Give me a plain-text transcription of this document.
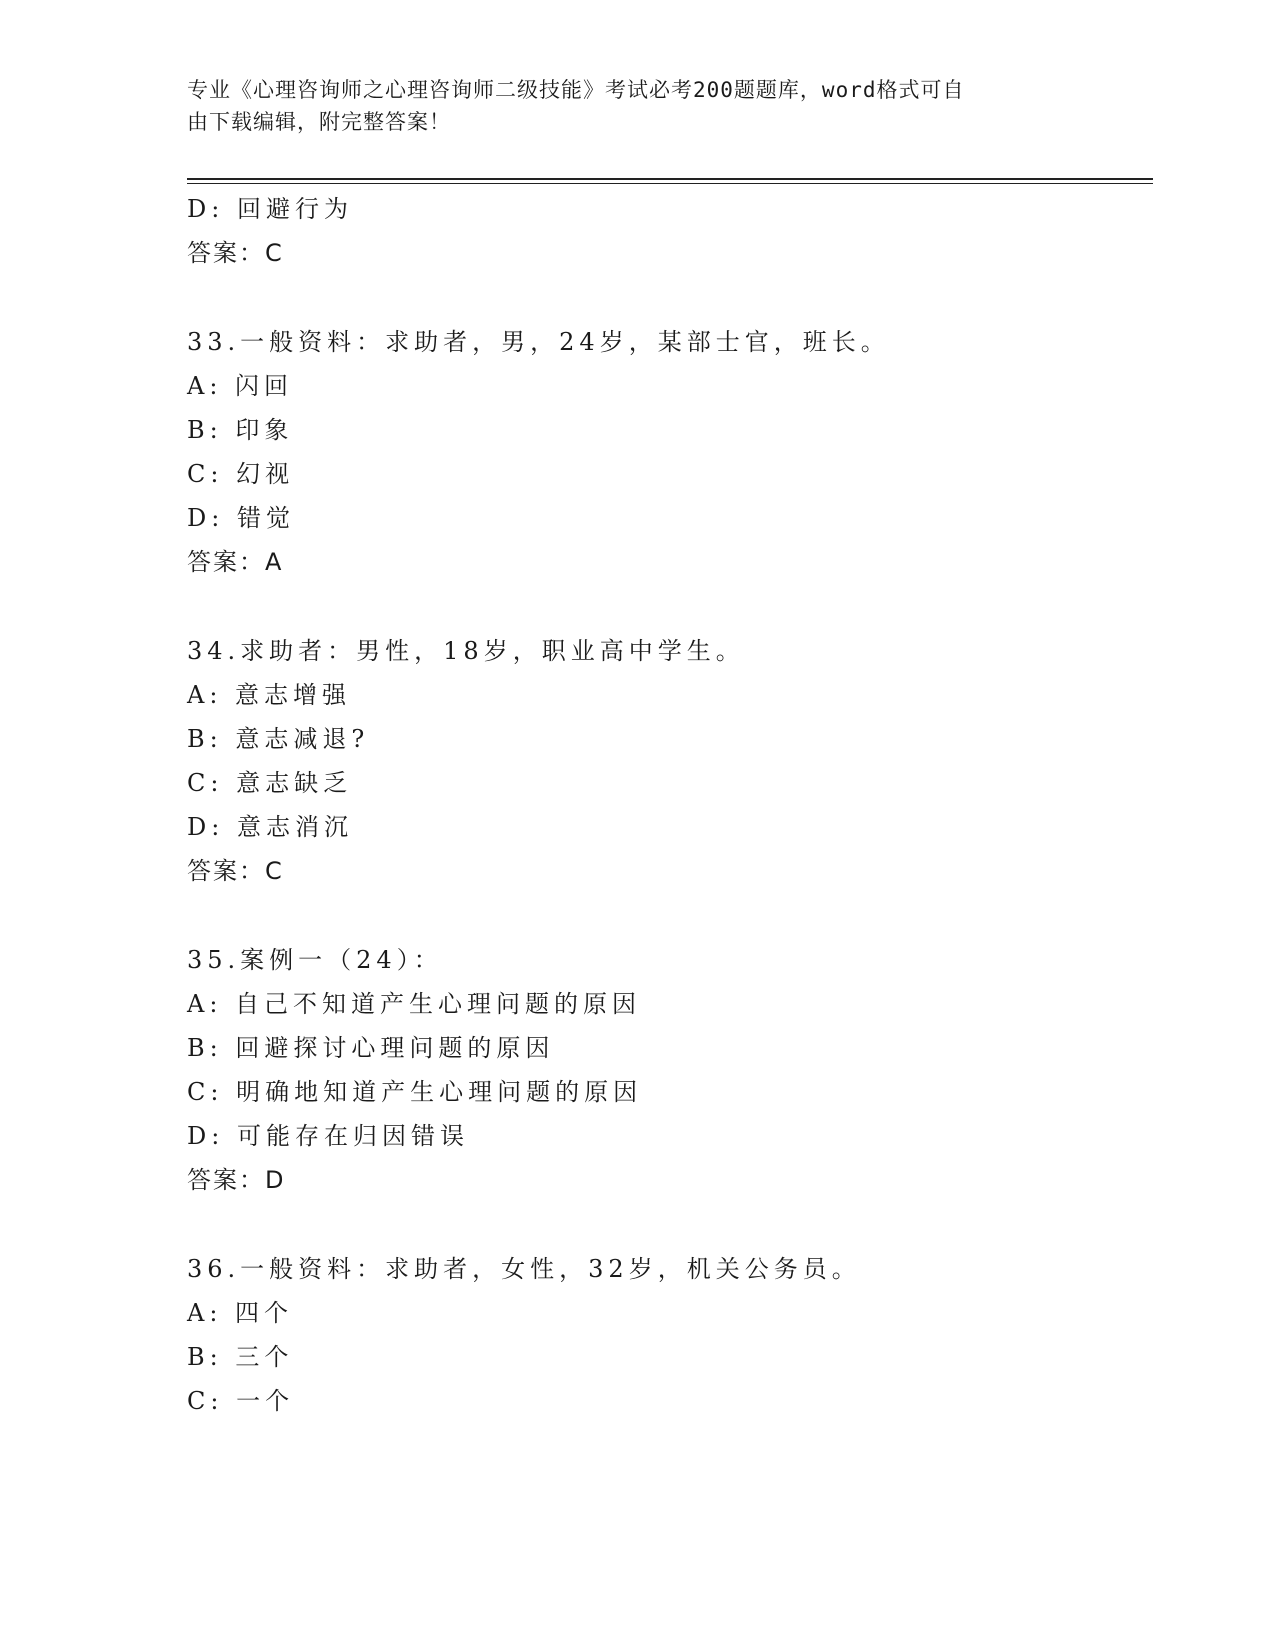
专业《心理咨询师之心理咨询师二级技能》考试必考200题题库，word格式可自
由下载编辑，附完整答案！
D: 回避行为
答案：C
33.一般资料：求助者，男，24岁，某部士官，班长。
A: 闪回
B: 印象
C: 幻视
D: 错觉
答案：A
34.求助者：男性，18岁，职业高中学生。
A: 意志增强
B: 意志减退?
C: 意志缺乏
D: 意志消沉
答案：C
35.案例一（24）：
A: 自己不知道产生心理问题的原因
B: 回避探讨心理问题的原因
C: 明确地知道产生心理问题的原因
D: 可能存在归因错误
答案：D
36.一般资料：求助者，女性，32岁，机关公务员。
A: 四个
B: 三个
C: 一个
